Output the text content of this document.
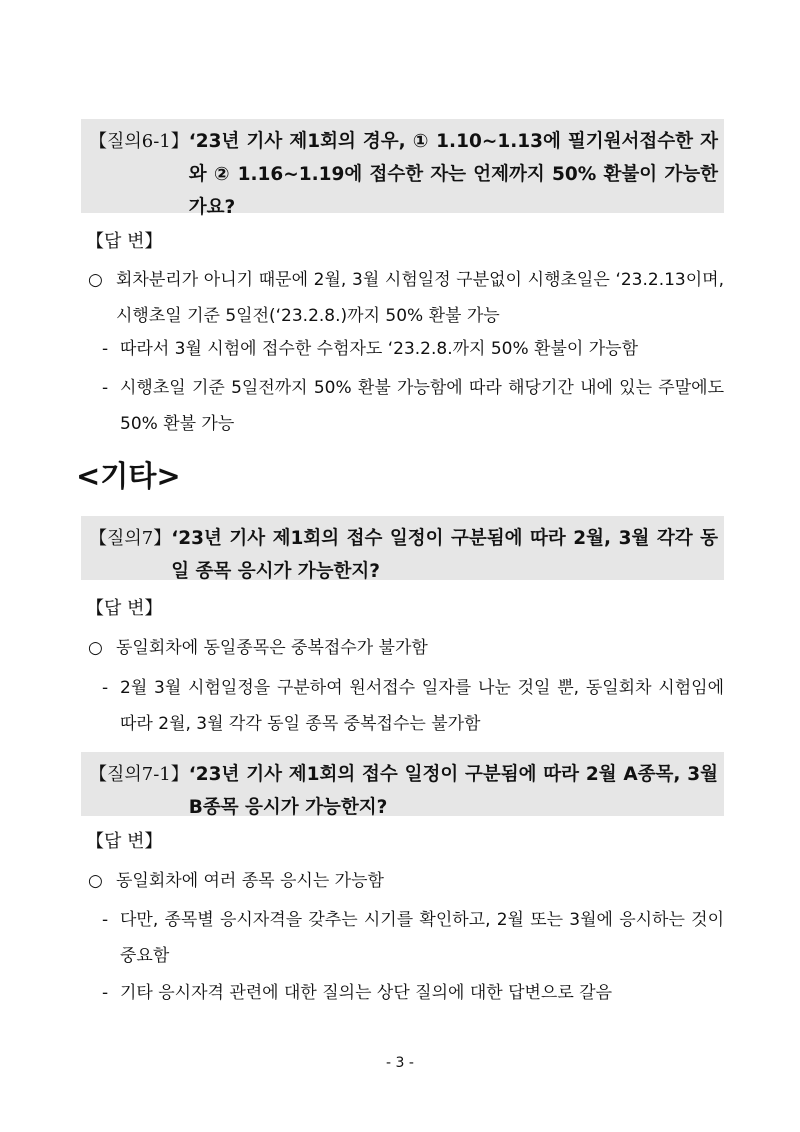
【질의6-1】 ‘23년 기사 제1회의 경우, ① 1.10~1.13에 필기원서접수한 자와 ② 1.16~1.19에 접수한 자는 언제까지 50% 환불이 가능한가요?
【답 변】
○ 회차분리가 아니기 때문에 2월, 3월 시험일정 구분없이 시행초일은 ‘23.2.13이며, 시행초일 기준 5일전(‘23.2.8.)까지 50% 환불 가능
- 따라서 3월 시험에 접수한 수험자도 ‘23.2.8.까지 50% 환불이 가능함
- 시행초일 기준 5일전까지 50% 환불 가능함에 따라 해당기간 내에 있는 주말에도 50% 환불 가능
<기타>
【질의7】 ‘23년 기사 제1회의 접수 일정이 구분됨에 따라 2월, 3월 각각 동일 종목 응시가 가능한지?
【답 변】
○ 동일회차에 동일종목은 중복접수가 불가함
- 2월 3월 시험일정을 구분하여 원서접수 일자를 나눈 것일 뿐, 동일회차 시험임에 따라 2월, 3월 각각 동일 종목 중복접수는 불가함
【질의7-1】 ‘23년 기사 제1회의 접수 일정이 구분됨에 따라 2월 A종목, 3월 B종목 응시가 가능한지?
【답 변】
○ 동일회차에 여러 종목 응시는 가능함
- 다만, 종목별 응시자격을 갖추는 시기를 확인하고, 2월 또는 3월에 응시하는 것이 중요함
- 기타 응시자격 관련에 대한 질의는 상단 질의에 대한 답변으로 갈음
- 3 -
